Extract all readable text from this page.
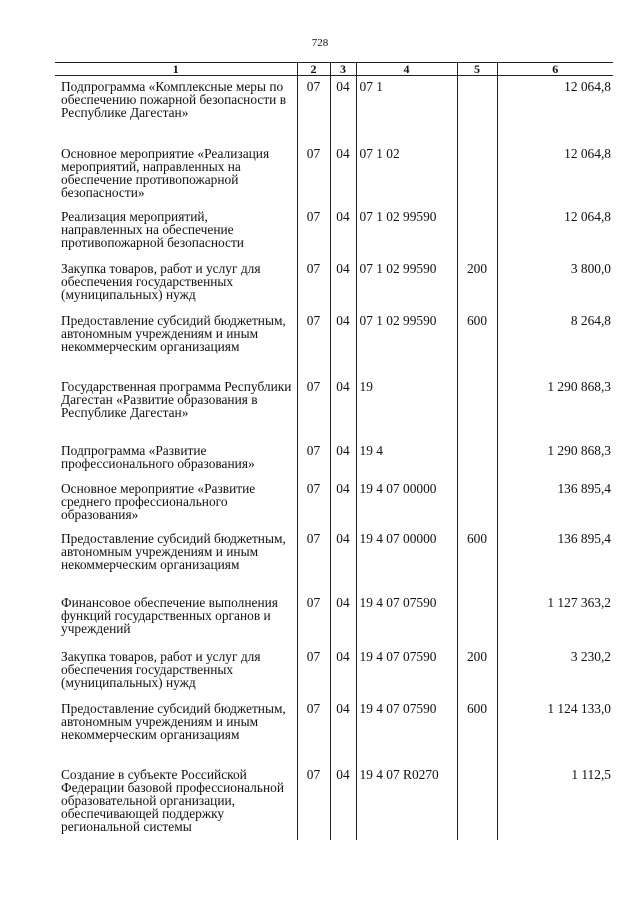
728
1	2	3	4	5	6
Подпрограмма «Комплексные меры по обеспечению пожарной безопасности в Республике Дагестан»	07	04	07 1		12 064,8
Основное мероприятие «Реализация мероприятий, направленных на обеспечение противопожарной безопасности»	07	04	07 1 02		12 064,8
Реализация мероприятий, направленных на обеспечение противопожарной безопасности	07	04	07 1 02 99590		12 064,8
Закупка товаров, работ и услуг для обеспечения государственных (муниципальных) нужд	07	04	07 1 02 99590	200	3 800,0
Предоставление субсидий бюджетным, автономным учреждениям и иным некоммерческим организациям	07	04	07 1 02 99590	600	8 264,8
Государственная программа Республики Дагестан «Развитие образования в Республике Дагестан»	07	04	19		1 290 868,3
Подпрограмма «Развитие профессионального образования»	07	04	19 4		1 290 868,3
Основное мероприятие «Развитие среднего профессионального образования»	07	04	19 4 07 00000		136 895,4
Предоставление субсидий бюджетным, автономным учреждениям и иным некоммерческим организациям	07	04	19 4 07 00000	600	136 895,4
Финансовое обеспечение выполнения функций государственных органов и учреждений	07	04	19 4 07 07590		1 127 363,2
Закупка товаров, работ и услуг для обеспечения государственных (муниципальных) нужд	07	04	19 4 07 07590	200	3 230,2
Предоставление субсидий бюджетным, автономным учреждениям и иным некоммерческим организациям	07	04	19 4 07 07590	600	1 124 133,0
Создание в субъекте Российской Федерации базовой профессиональной образовательной организации, обеспечивающей поддержку региональной системы	07	04	19 4 07 R0270		1 112,5
